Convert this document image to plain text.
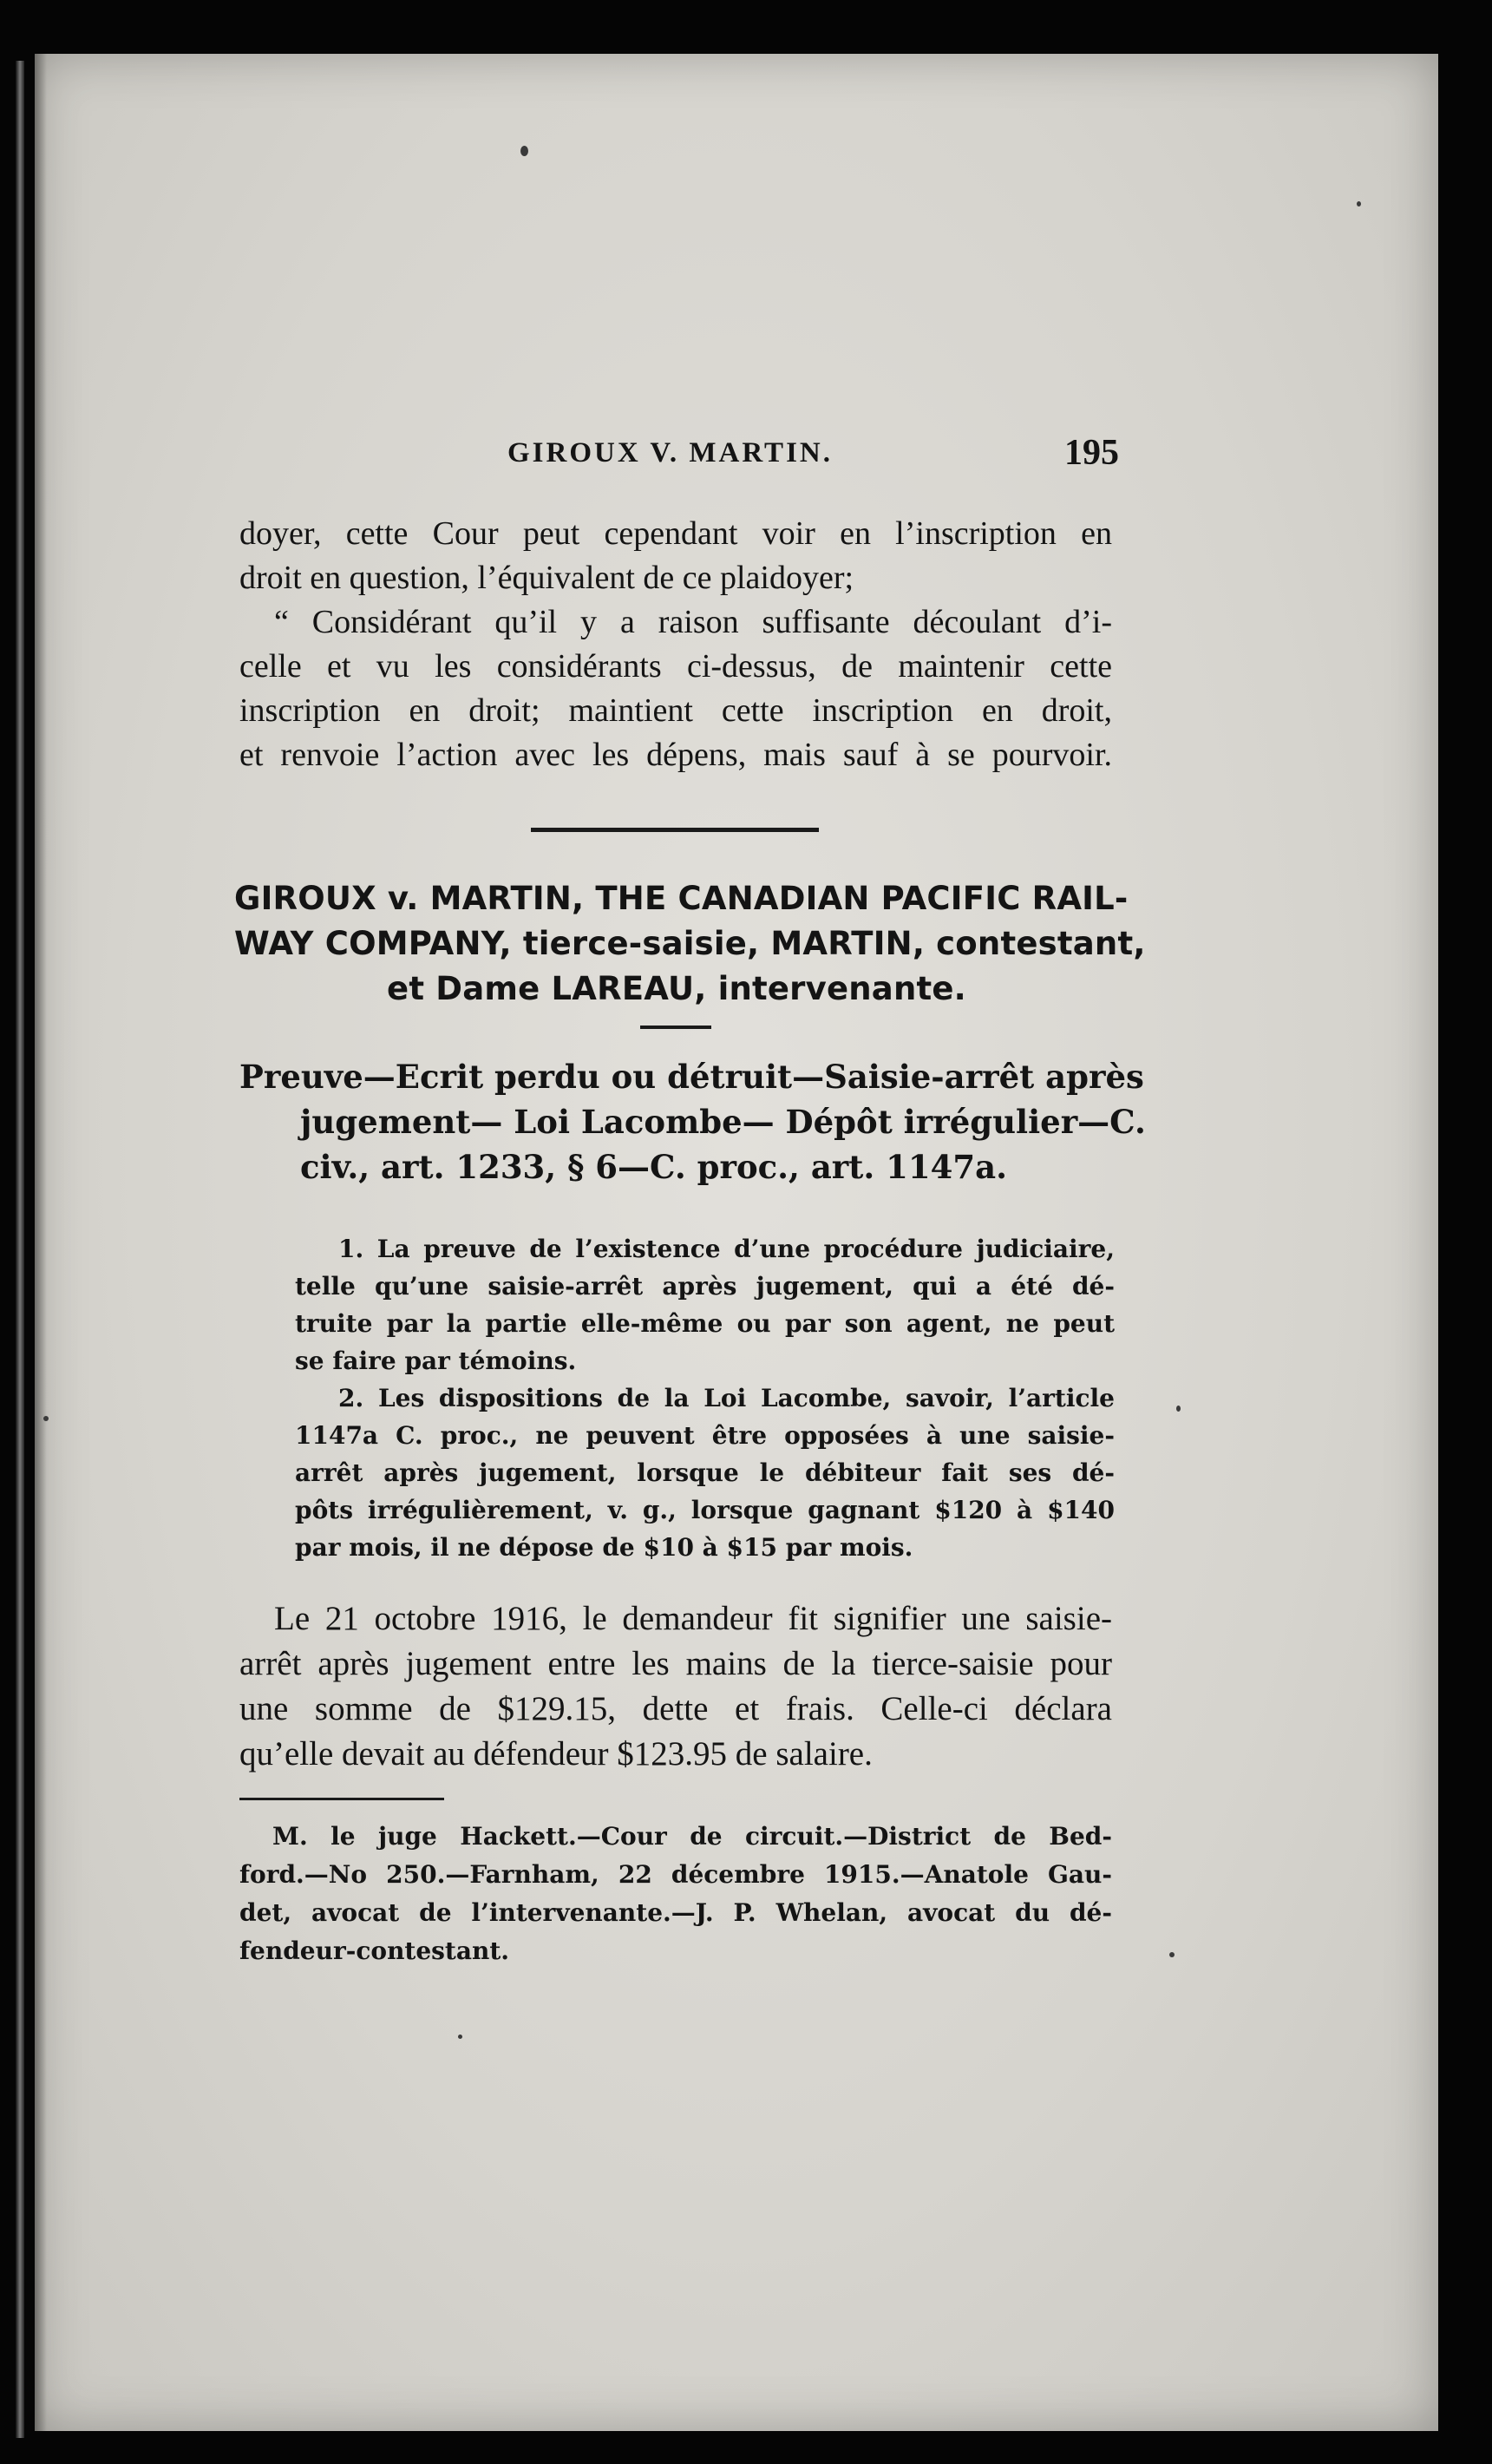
GIROUX V. MARTIN.	195

doyer, cette Cour peut cependant voir en l’inscription en

droit en question, l’équivalent de ce plaidoyer;

“ Considérant qu’il y a raison suffisante découlant d’i-

celle et vu les considérants ci-dessus, de maintenir cette

inscription en droit; maintient cette inscription en droit,

et renvoie l’action avec les dépens, mais sauf à se pourvoir.

GIROUX v. MARTIN, THE CANADIAN PACIFIC RAIL-
WAY COMPANY, tierce-saisie, MARTIN, contestant,
et Dame LAREAU, intervenante.
Preuve—Ecrit perdu ou détruit—Saisie-arrêt après
jugement— Loi Lacombe— Dépôt irrégulier—C.
civ., art. 1233, § 6—C. proc., art. 1147a.
1. La preuve de l’existence d’une procédure judiciaire,
telle qu’une saisie-arrêt après jugement, qui a été dé-
truite par la partie elle-même ou par son agent, ne peut
se faire par témoins.
2. Les dispositions de la Loi Lacombe, savoir, l’article
1147a C. proc., ne peuvent être opposées à une saisie-
arrêt après jugement, lorsque le débiteur fait ses dé-
pôts irrégulièrement, v. g., lorsque gagnant $120 à $140
par mois, il ne dépose de $10 à $15 par mois.
Le 21 octobre 1916, le demandeur fit signifier une saisie-
arrêt après jugement entre les mains de la tierce-saisie pour
une somme de $129.15, dette et frais. Celle-ci déclara
qu’elle devait au défendeur $123.95 de salaire.
M. le juge Hackett.—Cour de circuit.—District de Bed-
ford.—No 250.—Farnham, 22 décembre 1915.—Anatole Gau-
det, avocat de l’intervenante.—J. P. Whelan, avocat du dé-
fendeur-contestant.
